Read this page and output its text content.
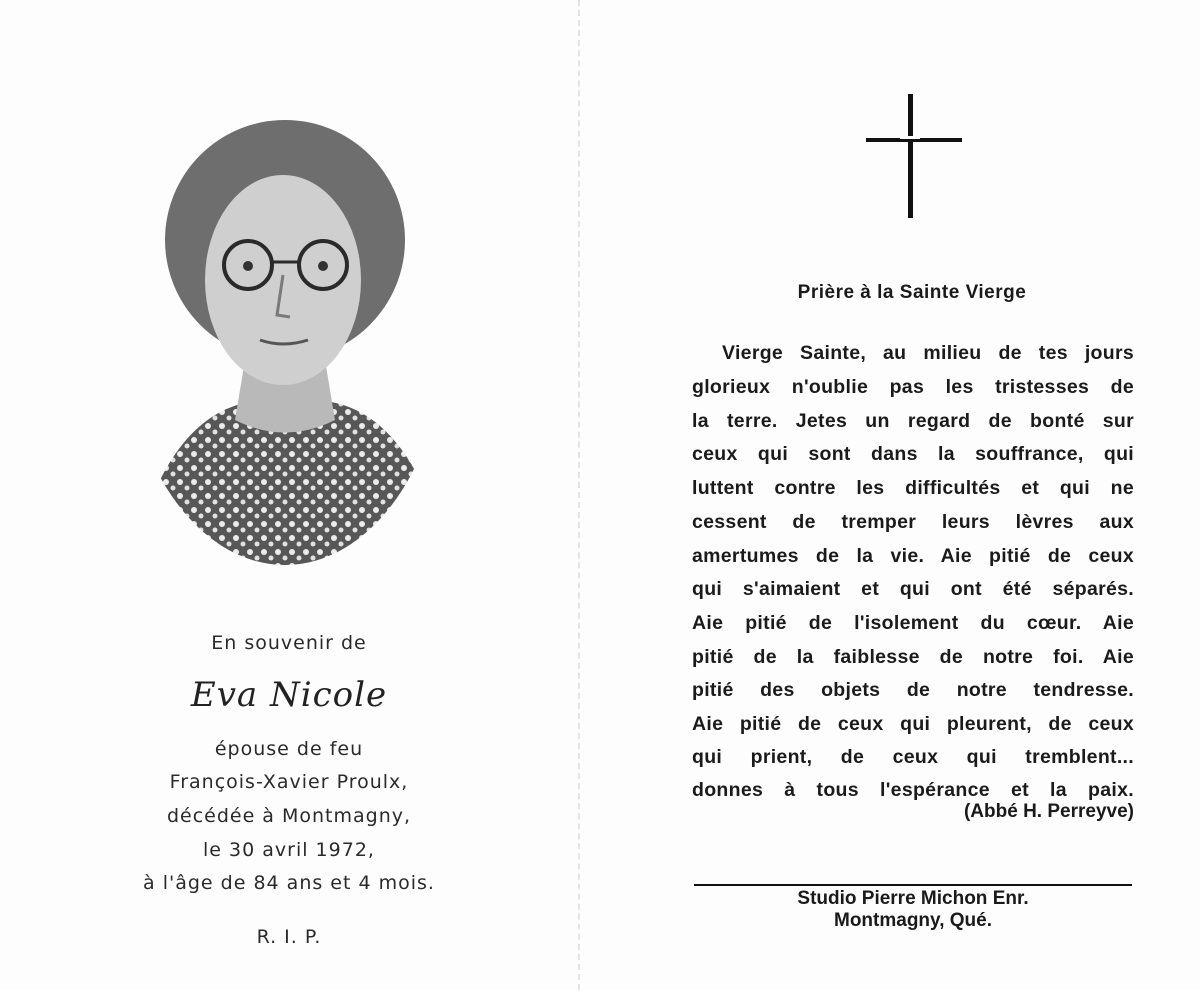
En souvenir de
Eva Nicole
épouse de feu
François-Xavier Proulx,
décédée à Montmagny,
le 30 avril 1972,
à l'âge de 84 ans et 4 mois.
R. I. P.
Prière à la Sainte Vierge
Vierge Sainte, au milieu de tes jours
glorieux n'oublie pas les tristesses de
la terre. Jetes un regard de bonté sur
ceux qui sont dans la souffrance, qui
luttent contre les difficultés et qui ne
cessent de tremper leurs lèvres aux
amertumes de la vie. Aie pitié de ceux
qui s'aimaient et qui ont été séparés.
Aie pitié de l'isolement du cœur. Aie
pitié de la faiblesse de notre foi. Aie
pitié des objets de notre tendresse.
Aie pitié de ceux qui pleurent, de ceux
qui prient, de ceux qui tremblent...
donnes à tous l'espérance et la paix.
(Abbé H. Perreyve)
Studio Pierre Michon Enr.
Montmagny, Qué.
